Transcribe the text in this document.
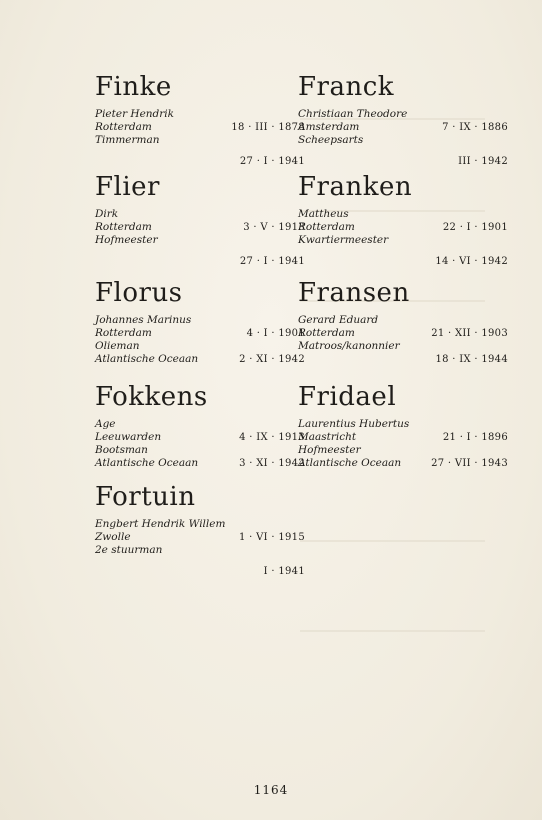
Finke
Pieter Hendrik
Rotterdam	18 · III · 1878
Timmerman
27 · I · 1941
Flier
Dirk
Rotterdam	3 · V · 1913
Hofmeester
27 · I · 1941
Florus
Johannes Marinus
Rotterdam	4 · I · 1901
Olieman
Atlantische Oceaan	2 · XI · 1942
Fokkens
Age
Leeuwarden	4 · IX · 1913
Bootsman
Atlantische Oceaan	3 · XI · 1942
Fortuin
Engbert Hendrik Willem
Zwolle	1 · VI · 1915
2e stuurman
I · 1941
Franck
Christiaan Theodore
Amsterdam	7 · IX · 1886
Scheepsarts
III · 1942
Franken
Mattheus
Rotterdam	22 · I · 1901
Kwartiermeester
14 · VI · 1942
Fransen
Gerard Eduard
Rotterdam	21 · XII · 1903
Matroos/kanonnier
18 · IX · 1944
Fridael
Laurentius Hubertus
Maastricht	21 · I · 1896
Hofmeester
Atlantische Oceaan	27 · VII · 1943
1164
